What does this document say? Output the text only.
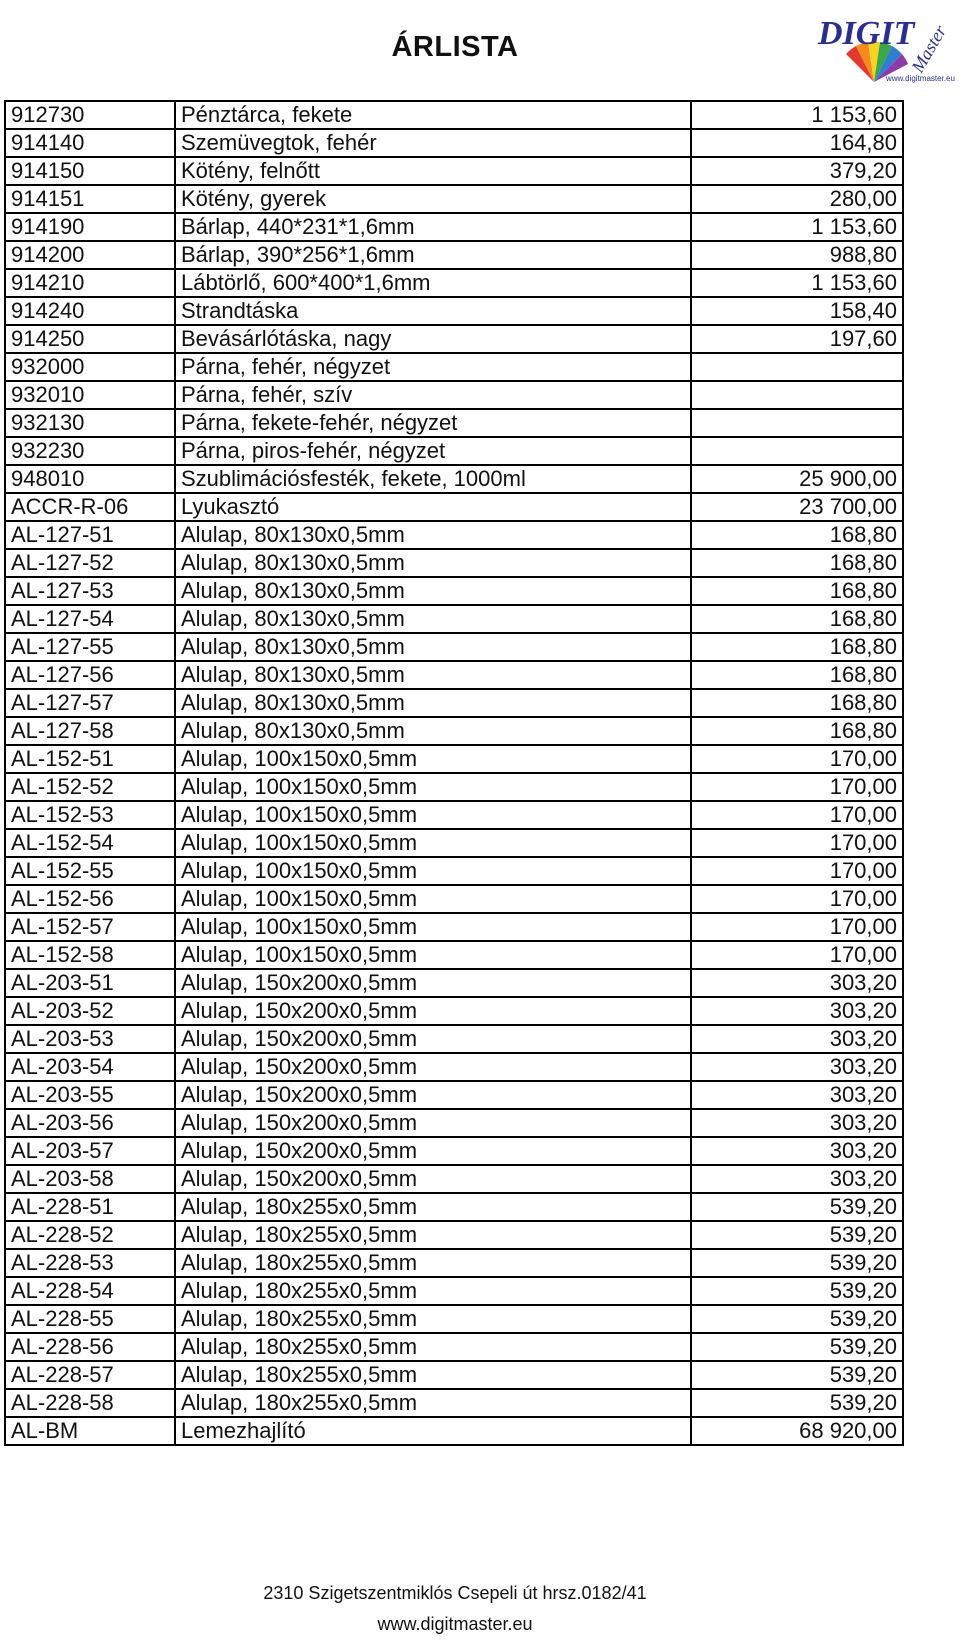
ÁRLISTA	DIGIT
Master
www.digitmaster.eu
912730	Pénztárca, fekete	1 153,60
914140	Szemüvegtok, fehér	164,80
914150	Kötény, felnőtt	379,20
914151	Kötény, gyerek	280,00
914190	Bárlap, 440*231*1,6mm	1 153,60
914200	Bárlap, 390*256*1,6mm	988,80
914210	Lábtörlő, 600*400*1,6mm	1 153,60
914240	Strandtáska	158,40
914250	Bevásárlótáska, nagy	197,60
932000	Párna, fehér, négyzet	
932010	Párna, fehér, szív	
932130	Párna, fekete-fehér, négyzet	
932230	Párna, piros-fehér, négyzet	
948010	Szublimációsfesték, fekete, 1000ml	25 900,00
ACCR-R-06	Lyukasztó	23 700,00
AL-127-51	Alulap, 80x130x0,5mm	168,80
AL-127-52	Alulap, 80x130x0,5mm	168,80
AL-127-53	Alulap, 80x130x0,5mm	168,80
AL-127-54	Alulap, 80x130x0,5mm	168,80
AL-127-55	Alulap, 80x130x0,5mm	168,80
AL-127-56	Alulap, 80x130x0,5mm	168,80
AL-127-57	Alulap, 80x130x0,5mm	168,80
AL-127-58	Alulap, 80x130x0,5mm	168,80
AL-152-51	Alulap, 100x150x0,5mm	170,00
AL-152-52	Alulap, 100x150x0,5mm	170,00
AL-152-53	Alulap, 100x150x0,5mm	170,00
AL-152-54	Alulap, 100x150x0,5mm	170,00
AL-152-55	Alulap, 100x150x0,5mm	170,00
AL-152-56	Alulap, 100x150x0,5mm	170,00
AL-152-57	Alulap, 100x150x0,5mm	170,00
AL-152-58	Alulap, 100x150x0,5mm	170,00
AL-203-51	Alulap, 150x200x0,5mm	303,20
AL-203-52	Alulap, 150x200x0,5mm	303,20
AL-203-53	Alulap, 150x200x0,5mm	303,20
AL-203-54	Alulap, 150x200x0,5mm	303,20
AL-203-55	Alulap, 150x200x0,5mm	303,20
AL-203-56	Alulap, 150x200x0,5mm	303,20
AL-203-57	Alulap, 150x200x0,5mm	303,20
AL-203-58	Alulap, 150x200x0,5mm	303,20
AL-228-51	Alulap, 180x255x0,5mm	539,20
AL-228-52	Alulap, 180x255x0,5mm	539,20
AL-228-53	Alulap, 180x255x0,5mm	539,20
AL-228-54	Alulap, 180x255x0,5mm	539,20
AL-228-55	Alulap, 180x255x0,5mm	539,20
AL-228-56	Alulap, 180x255x0,5mm	539,20
AL-228-57	Alulap, 180x255x0,5mm	539,20
AL-228-58	Alulap, 180x255x0,5mm	539,20
AL-BM	Lemezhajlító	68 920,00
2310 Szigetszentmiklós Csepeli út hrsz.0182/41
www.digitmaster.eu
